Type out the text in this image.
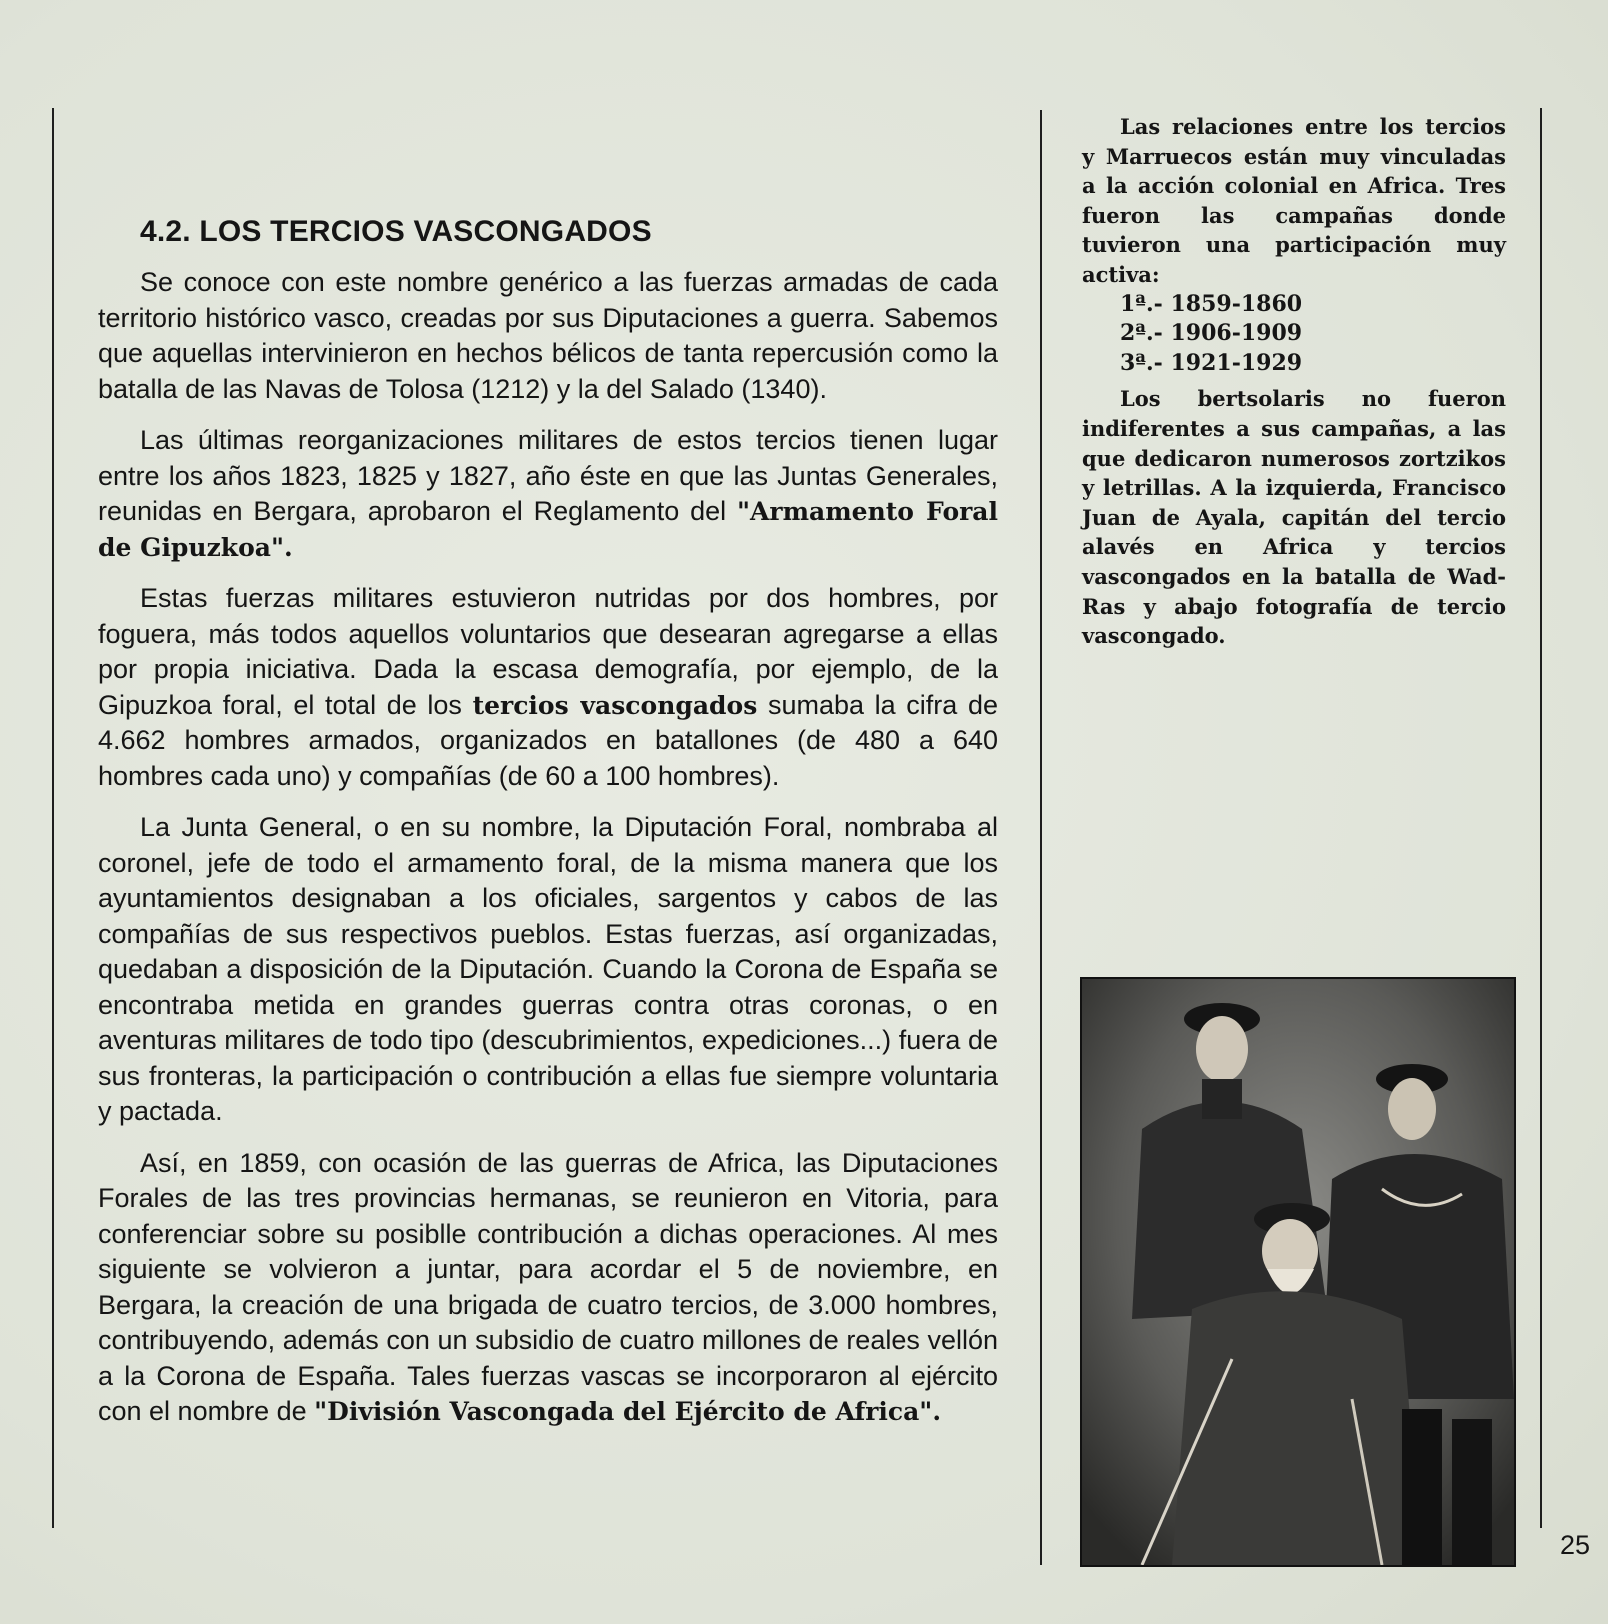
4.2. LOS TERCIOS VASCONGADOS

Se conoce con este nombre genérico a las fuerzas armadas de cada territorio histórico vasco, creadas por sus Diputaciones a guerra. Sabemos que aquellas intervinieron en hechos bélicos de tanta repercusión como la batalla de las Navas de Tolosa (1212) y la del Salado (1340).

Las últimas reorganizaciones militares de estos tercios tienen lugar entre los años 1823, 1825 y 1827, año éste en que las Juntas Generales, reunidas en Bergara, aprobaron el Reglamento del "Armamento Foral de Gipuzkoa".

Estas fuerzas militares estuvieron nutridas por dos hombres, por foguera, más todos aquellos voluntarios que desearan agregarse a ellas por propia iniciativa. Dada la escasa demografía, por ejemplo, de la Gipuzkoa foral, el total de los tercios vascongados sumaba la cifra de 4.662 hombres armados, organizados en batallones (de 480 a 640 hombres cada uno) y compañías (de 60 a 100 hombres).

La Junta General, o en su nombre, la Diputación Foral, nombraba al coronel, jefe de todo el armamento foral, de la misma manera que los ayuntamientos designaban a los oficiales, sargentos y cabos de las compañías de sus respectivos pueblos. Estas fuerzas, así organizadas, quedaban a disposición de la Diputación. Cuando la Corona de España se encontraba metida en grandes guerras contra otras coronas, o en aventuras militares de todo tipo (descubrimientos, expediciones...) fuera de sus fronteras, la participación o contribución a ellas fue siempre voluntaria y pactada.

Así, en 1859, con ocasión de las guerras de Africa, las Diputaciones Forales de las tres provincias hermanas, se reunieron en Vitoria, para conferenciar sobre su posiblle contribución a dichas operaciones. Al mes siguiente se volvieron a juntar, para acordar el 5 de noviembre, en Bergara, la creación de una brigada de cuatro tercios, de 3.000 hombres, contribuyendo, además con un subsidio de cuatro millones de reales vellón a la Corona de España. Tales fuerzas vascas se incorporaron al ejército con el nombre de "División Vascongada del Ejército de Africa".

Las relaciones entre los tercios y Marruecos están muy vinculadas a la acción colonial en Africa. Tres fueron las campañas donde tuvieron una participación muy activa:

1ª.- 1859-1860
2ª.- 1906-1909
3ª.- 1921-1929

Los bertsolaris no fueron indiferentes a sus campañas, a las que dedicaron numerosos zortzikos y letrillas. A la izquierda, Francisco Juan de Ayala, capitán del tercio alavés en Africa y tercios vascongados en la batalla de Wad-Ras y abajo fotografía de tercio vascongado.

25
